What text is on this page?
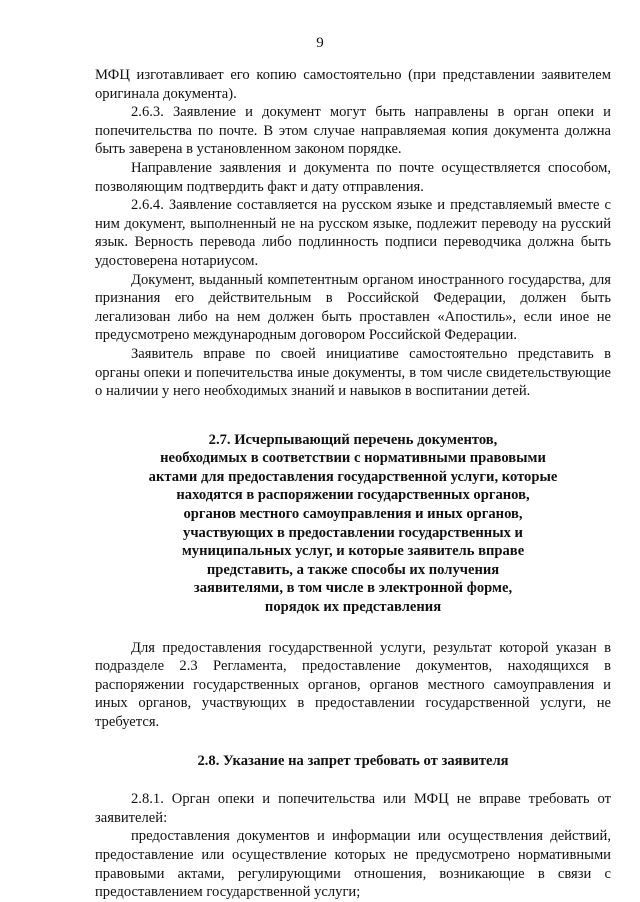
9

МФЦ изготавливает его копию самостоятельно (при представлении заявителем оригинала документа).

2.6.3. Заявление и документ могут быть направлены в орган опеки и попечительства по почте. В этом случае направляемая копия документа должна быть заверена в установленном законом порядке.

Направление заявления и документа по почте осуществляется способом, позволяющим подтвердить факт и дату отправления.

2.6.4. Заявление составляется на русском языке и представляемый вместе с ним документ, выполненный не на русском языке, подлежит переводу на русский язык. Верность перевода либо подлинность подписи переводчика должна быть удостоверена нотариусом.

Документ, выданный компетентным органом иностранного государства, для признания его действительным в Российской Федерации, должен быть легализован либо на нем должен быть проставлен «Апостиль», если иное не предусмотрено международным договором Российской Федерации.

Заявитель вправе по своей инициативе самостоятельно представить в органы опеки и попечительства иные документы, в том числе свидетельствующие о наличии у него необходимых знаний и навыков в воспитании детей.

2.7. Исчерпывающий перечень документов,

необходимых в соответствии с нормативными правовыми

актами для предоставления государственной услуги, которые

находятся в распоряжении государственных органов,

органов местного самоуправления и иных органов,

участвующих в предоставлении государственных и

муниципальных услуг, и которые заявитель вправе

представить, а также способы их получения

заявителями, в том числе в электронной форме,

порядок их представления

Для предоставления государственной услуги, результат которой указан в подразделе 2.3 Регламента, предоставление документов, находящихся в распоряжении государственных органов, органов местного самоуправления и иных органов, участвующих в предоставлении государственной услуги, не требуется.

2.8. Указание на запрет требовать от заявителя

2.8.1. Орган опеки и попечительства или МФЦ не вправе требовать от заявителей:

предоставления документов и информации или осуществления действий, предоставление или осуществление которых не предусмотрено нормативными правовыми актами, регулирующими отношения, возникающие в связи с предоставлением государственной услуги;
